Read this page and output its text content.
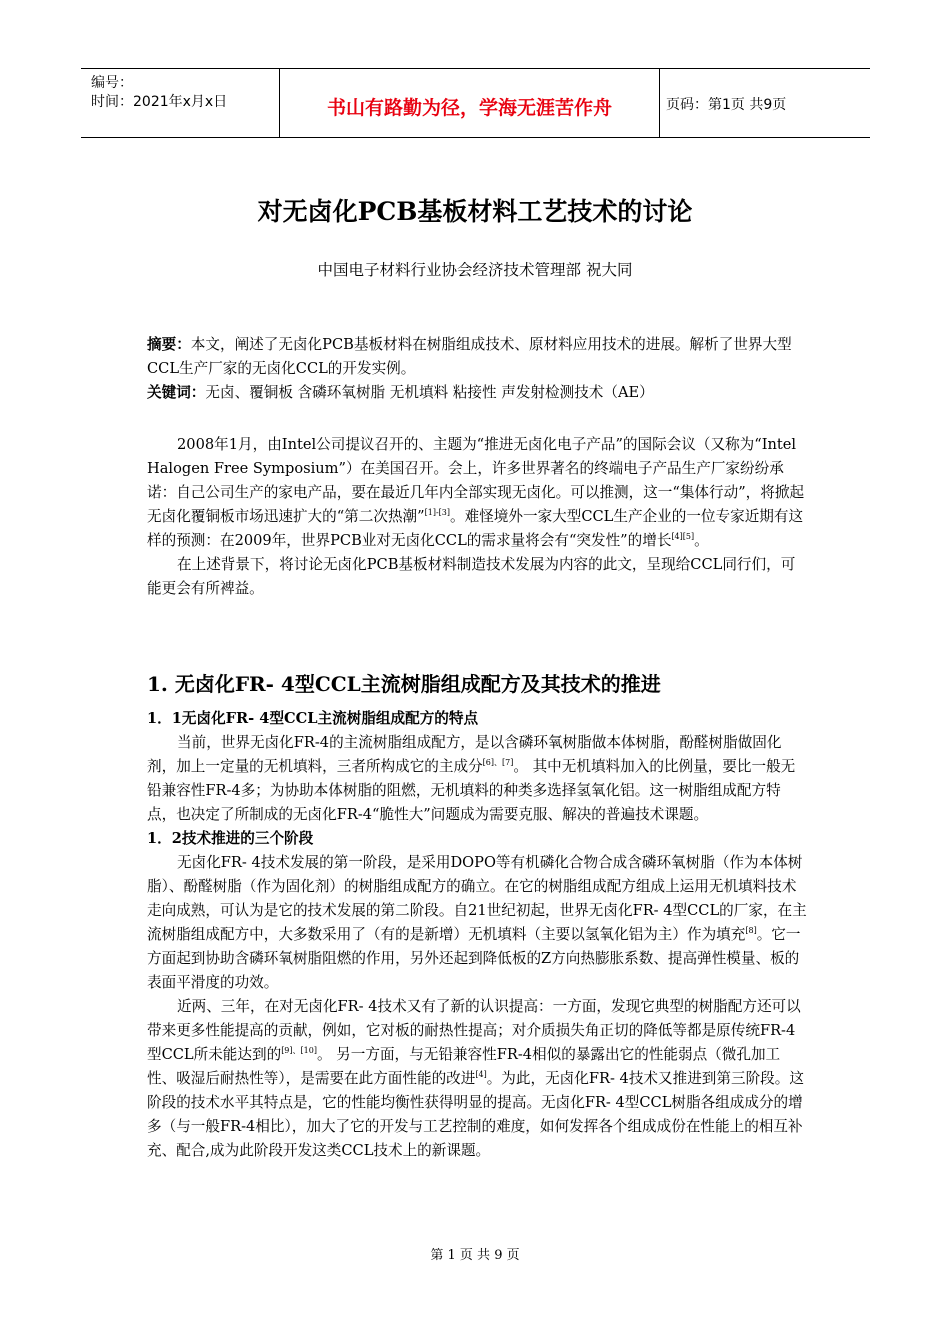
编号：
时间：2021年x月x日	书山有路勤为径，学海无涯苦作舟	页码：第1页 共9页
对无卤化PCB基板材料工艺技术的讨论
中国电子材料行业协会经济技术管理部 祝大同

摘要：本文，阐述了无卤化PCB基板材料在树脂组成技术、原材料应用技术的进展。解析了世界大型CCL生产厂家的无卤化CCL的开发实例。

关键词：无卤、覆铜板 含磷环氧树脂 无机填料 粘接性 声发射检测技术（AE）

2008年1月，由Intel公司提议召开的、主题为“推进无卤化电子产品”的国际会议（又称为“Intel Halogen Free Symposium”）在美国召开。会上，许多世界著名的终端电子产品生产厂家纷纷承诺：自己公司生产的家电产品，要在最近几年内全部实现无卤化。可以推测，这一“集体行动”，将掀起无卤化覆铜板市场迅速扩大的“第二次热潮”[1]-[3]。难怪境外一家大型CCL生产企业的一位专家近期有这样的预测：在2009年，世界PCB业对无卤化CCL的需求量将会有“突发性”的增长[4][5]。

在上述背景下，将讨论无卤化PCB基板材料制造技术发展为内容的此文，呈现给CCL同行们，可能更会有所裨益。

1. 无卤化FR- 4型CCL主流树脂组成配方及其技术的推进

1．1无卤化FR- 4型CCL主流树脂组成配方的特点

当前，世界无卤化FR-4的主流树脂组成配方，是以含磷环氧树脂做本体树脂，酚醛树脂做固化剂，加上一定量的无机填料，三者所构成它的主成分[6]、[7]。 其中无机填料加入的比例量，要比一般无铅兼容性FR-4多；为协助本体树脂的阻燃，无机填料的种类多选择氢氧化铝。这一树脂组成配方特点，也决定了所制成的无卤化FR-4“脆性大”问题成为需要克服、解决的普遍技术课题。

1．2技术推进的三个阶段

无卤化FR- 4技术发展的第一阶段，是采用DOPO等有机磷化合物合成含磷环氧树脂（作为本体树脂）、酚醛树脂（作为固化剂）的树脂组成配方的确立。在它的树脂组成配方组成上运用无机填料技术走向成熟，可认为是它的技术发展的第二阶段。自21世纪初起，世界无卤化FR- 4型CCL的厂家，在主流树脂组成配方中，大多数采用了（有的是新增）无机填料（主要以氢氧化铝为主）作为填充[8]。它一方面起到协助含磷环氧树脂阻燃的作用，另外还起到降低板的Z方向热膨胀系数、提高弹性模量、板的表面平滑度的功效。

近两、三年，在对无卤化FR- 4技术又有了新的认识提高：一方面，发现它典型的树脂配方还可以带来更多性能提高的贡献，例如，它对板的耐热性提高；对介质损失角正切的降低等都是原传统FR-4型CCL所未能达到的[9]、[10]。 另一方面，与无铅兼容性FR-4相似的暴露出它的性能弱点（微孔加工性、吸湿后耐热性等），是需要在此方面性能的改进[4]。为此，无卤化FR- 4技术又推进到第三阶段。这阶段的技术水平其特点是，它的性能均衡性获得明显的提高。无卤化FR- 4型CCL树脂各组成成分的增多（与一般FR-4相比），加大了它的开发与工艺控制的难度，如何发挥各个组成成份在性能上的相互补充、配合,成为此阶段开发这类CCL技术上的新课题。

第 1 页 共 9 页
